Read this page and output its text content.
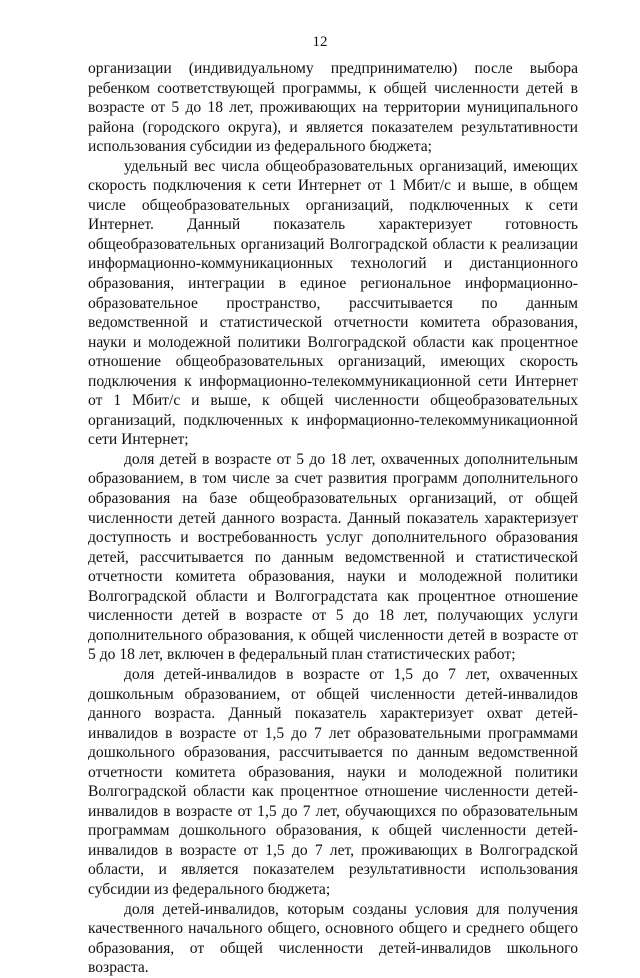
12

организации (индивидуальному предпринимателю) после выбора ребенком соответствующей программы, к общей численности детей в возрасте от 5 до 18 лет, проживающих на территории муниципального района (городского округа), и является показателем результативности использования субсидии из федерального бюджета;

удельный вес числа общеобразовательных организаций, имеющих скорость подключения к сети Интернет от 1 Мбит/с и выше, в общем числе общеобразовательных организаций, подключенных к сети Интернет. Данный показатель характеризует готовность общеобразовательных организаций Волгоградской области к реализации информационно-коммуникационных технологий и дистанционного образования, интеграции в единое региональное информационно-образовательное пространство, рассчитывается по данным ведомственной и статистической отчетности комитета образования, науки и молодежной политики Волгоградской области как процентное отношение общеобразовательных организаций, имеющих скорость подключения к информационно-телекоммуникационной сети Интернет от 1 Мбит/с и выше, к общей численности общеобразовательных организаций, подключенных к информационно-телекоммуникационной сети Интернет;

доля детей в возрасте от 5 до 18 лет, охваченных дополнительным образованием, в том числе за счет развития программ дополнительного образования на базе общеобразовательных организаций, от общей численности детей данного возраста. Данный показатель характеризует доступность и востребованность услуг дополнительного образования детей, рассчитывается по данным ведомственной и статистической отчетности комитета образования, науки и молодежной политики Волгоградской области и Волгоградстата как процентное отношение численности детей в возрасте от 5 до 18 лет, получающих услуги дополнительного образования, к общей численности детей в возрасте от 5 до 18 лет, включен в федеральный план статистических работ;

доля детей-инвалидов в возрасте от 1,5 до 7 лет, охваченных дошкольным образованием, от общей численности детей-инвалидов данного возраста. Данный показатель характеризует охват детей-инвалидов в возрасте от 1,5 до 7 лет образовательными программами дошкольного образования, рассчитывается по данным ведомственной отчетности комитета образования, науки и молодежной политики Волгоградской области как процентное отношение численности детей-инвалидов в возрасте от 1,5 до 7 лет, обучающихся по образовательным программам дошкольного образования, к общей численности детей-инвалидов в возрасте от 1,5 до 7 лет, проживающих в Волгоградской области, и является показателем результативности использования субсидии из федерального бюджета;

доля детей-инвалидов, которым созданы условия для получения качественного начального общего, основного общего и среднего общего образования, от общей численности детей-инвалидов школьного возраста.
